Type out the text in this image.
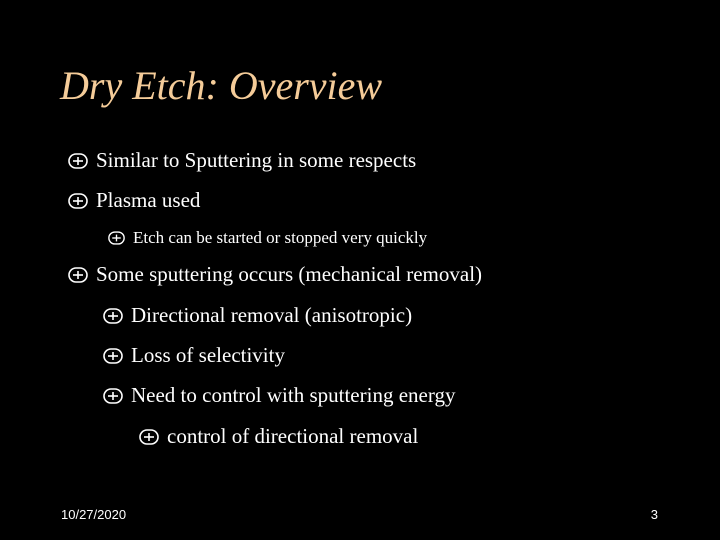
Dry Etch: Overview
Similar to Sputtering in some respects
Plasma used
Etch can be started or stopped very quickly
Some sputtering occurs (mechanical removal)
Directional removal (anisotropic)
Loss of selectivity
Need to control with sputtering energy
control of directional removal
10/27/2020	3
